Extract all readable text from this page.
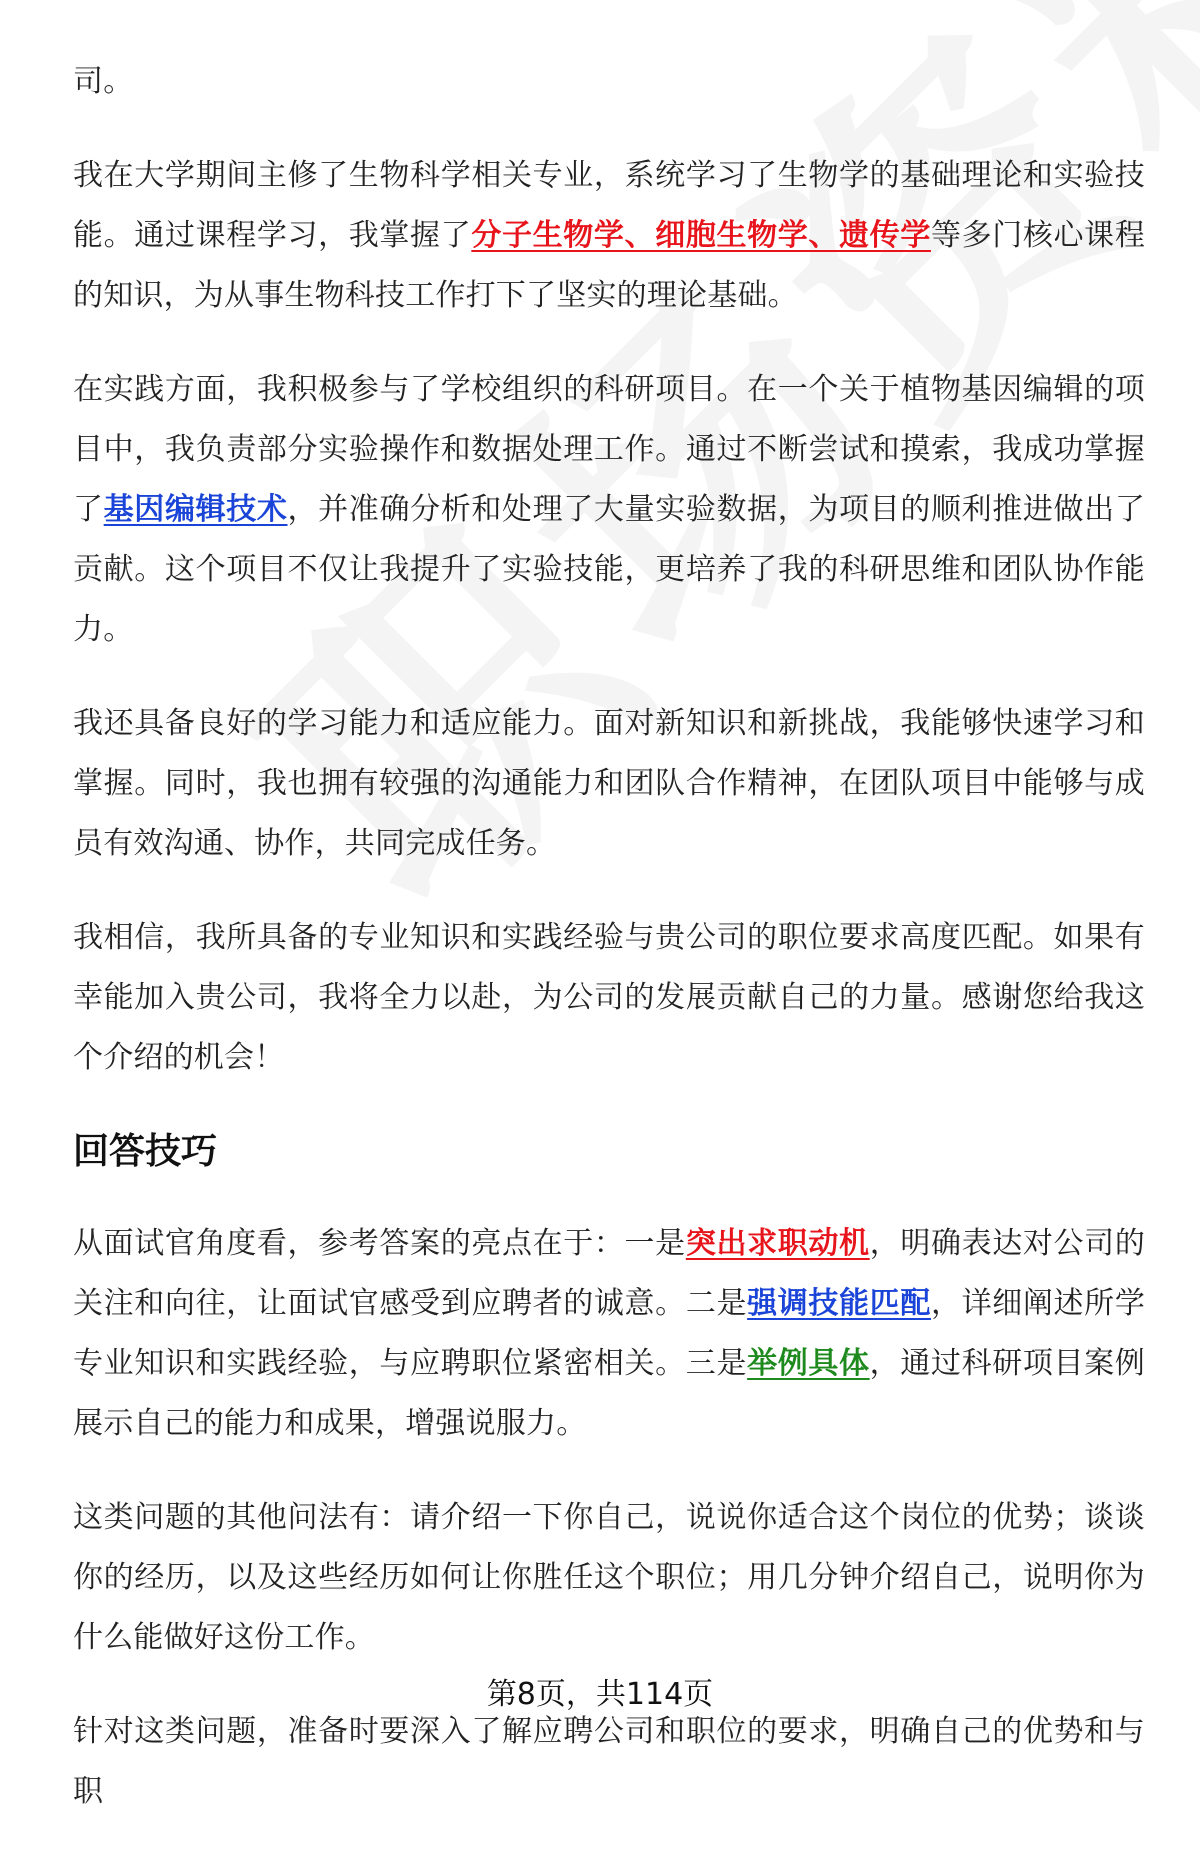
司。

我在大学期间主修了生物科学相关专业，系统学习了生物学的基础理论和实验技能。通过课程学习，我掌握了分子生物学、细胞生物学、遗传学等多门核心课程的知识，为从事生物科技工作打下了坚实的理论基础。

在实践方面，我积极参与了学校组织的科研项目。在一个关于植物基因编辑的项目中，我负责部分实验操作和数据处理工作。通过不断尝试和摸索，我成功掌握了基因编辑技术，并准确分析和处理了大量实验数据，为项目的顺利推进做出了贡献。这个项目不仅让我提升了实验技能，更培养了我的科研思维和团队协作能力。

我还具备良好的学习能力和适应能力。面对新知识和新挑战，我能够快速学习和掌握。同时，我也拥有较强的沟通能力和团队合作精神，在团队项目中能够与成员有效沟通、协作，共同完成任务。

我相信，我所具备的专业知识和实践经验与贵公司的职位要求高度匹配。如果有幸能加入贵公司，我将全力以赴，为公司的发展贡献自己的力量。感谢您给我这个介绍的机会！

回答技巧

从面试官角度看，参考答案的亮点在于：一是突出求职动机，明确表达对公司的关注和向往，让面试官感受到应聘者的诚意。二是强调技能匹配，详细阐述所学专业知识和实践经验，与应聘职位紧密相关。三是举例具体，通过科研项目案例展示自己的能力和成果，增强说服力。

这类问题的其他问法有：请介绍一下你自己，说说你适合这个岗位的优势；谈谈你的经历，以及这些经历如何让你胜任这个职位；用几分钟介绍自己，说明你为什么能做好这份工作。

针对这类问题，准备时要深入了解应聘公司和职位的要求，明确自己的优势和与职

第8页，共114页
